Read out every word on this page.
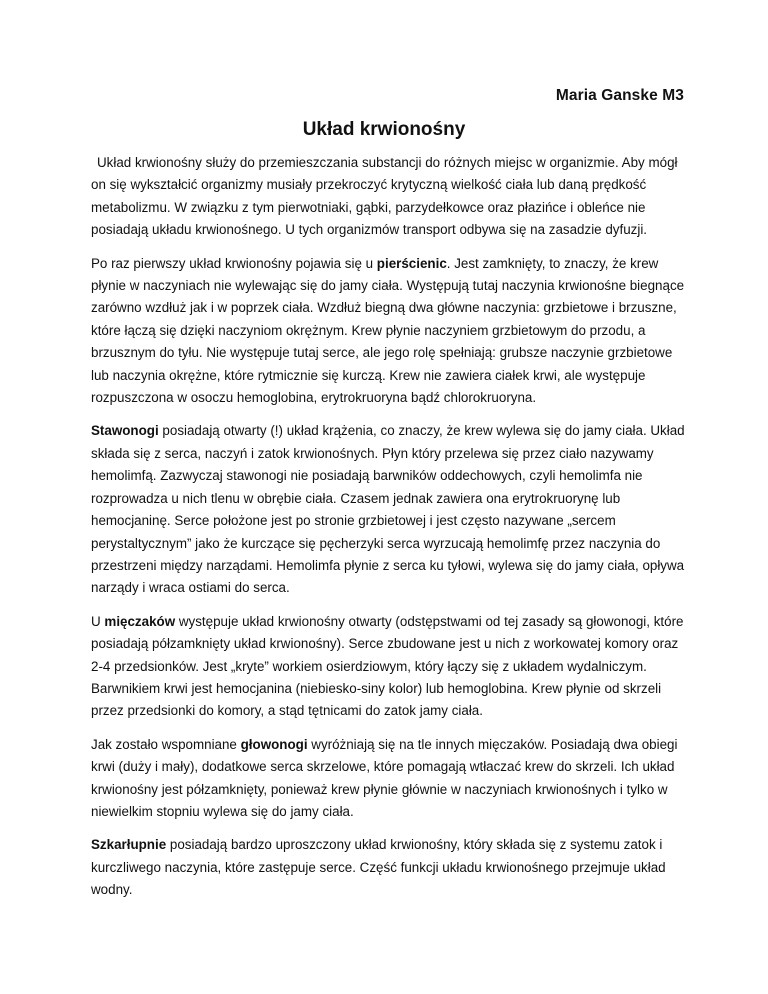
Maria Ganske M3
Układ krwionośny

Układ krwionośny służy do przemieszczania substancji do różnych miejsc w organizmie. Aby mógł on się wykształcić organizmy musiały przekroczyć krytyczną wielkość ciała lub daną prędkość metabolizmu. W związku z tym pierwotniaki, gąbki, parzydełkowce oraz płazińce i obleńce nie posiadają układu krwionośnego. U tych organizmów transport odbywa się na zasadzie dyfuzji.

Po raz pierwszy układ krwionośny pojawia się u pierścienic. Jest zamknięty, to znaczy, że krew płynie w naczyniach nie wylewając się do jamy ciała. Występują tutaj naczynia krwionośne biegnące zarówno wzdłuż jak i w poprzek ciała. Wzdłuż biegną dwa główne naczynia: grzbietowe i brzuszne, które łączą się dzięki naczyniom okrężnym. Krew płynie naczyniem grzbietowym do przodu, a brzusznym do tyłu. Nie występuje tutaj serce, ale jego rolę spełniają: grubsze naczynie grzbietowe lub naczynia okrężne, które rytmicznie się kurczą. Krew nie zawiera ciałek krwi, ale występuje rozpuszczona w osoczu hemoglobina, erytrokruoryna bądź chlorokruoryna.

Stawonogi posiadają otwarty (!) układ krążenia, co znaczy, że krew wylewa się do jamy ciała. Układ składa się z serca, naczyń i zatok krwionośnych. Płyn który przelewa się przez ciało nazywamy hemolimfą. Zazwyczaj stawonogi nie posiadają barwników oddechowych, czyli hemolimfa nie rozprowadza u nich tlenu w obrębie ciała. Czasem jednak zawiera ona erytrokruorynę lub hemocjaninę. Serce położone jest po stronie grzbietowej i jest często nazywane „sercem perystaltycznym” jako że kurczące się pęcherzyki serca wyrzucają hemolimfę przez naczynia do przestrzeni między narządami. Hemolimfa płynie z serca ku tyłowi, wylewa się do jamy ciała, opływa narządy i wraca ostiami do serca.

U mięczaków występuje układ krwionośny otwarty (odstępstwami od tej zasady są głowonogi, które posiadają półzamknięty układ krwionośny). Serce zbudowane jest u nich z workowatej komory oraz 2-4 przedsionków. Jest „kryte” workiem osierdziowym, który łączy się z układem wydalniczym. Barwnikiem krwi jest hemocjanina (niebiesko-siny kolor) lub hemoglobina. Krew płynie od skrzeli przez przedsionki do komory, a stąd tętnicami do zatok jamy ciała.

Jak zostało wspomniane głowonogi wyróżniają się na tle innych mięczaków. Posiadają dwa obiegi krwi (duży i mały), dodatkowe serca skrzelowe, które pomagają wtłaczać krew do skrzeli. Ich układ krwionośny jest półzamknięty, ponieważ krew płynie głównie w naczyniach krwionośnych i tylko w niewielkim stopniu wylewa się do jamy ciała.

Szkarłupnie posiadają bardzo uproszczony układ krwionośny, który składa się z systemu zatok i kurczliwego naczynia, które zastępuje serce. Część funkcji układu krwionośnego przejmuje układ wodny.
